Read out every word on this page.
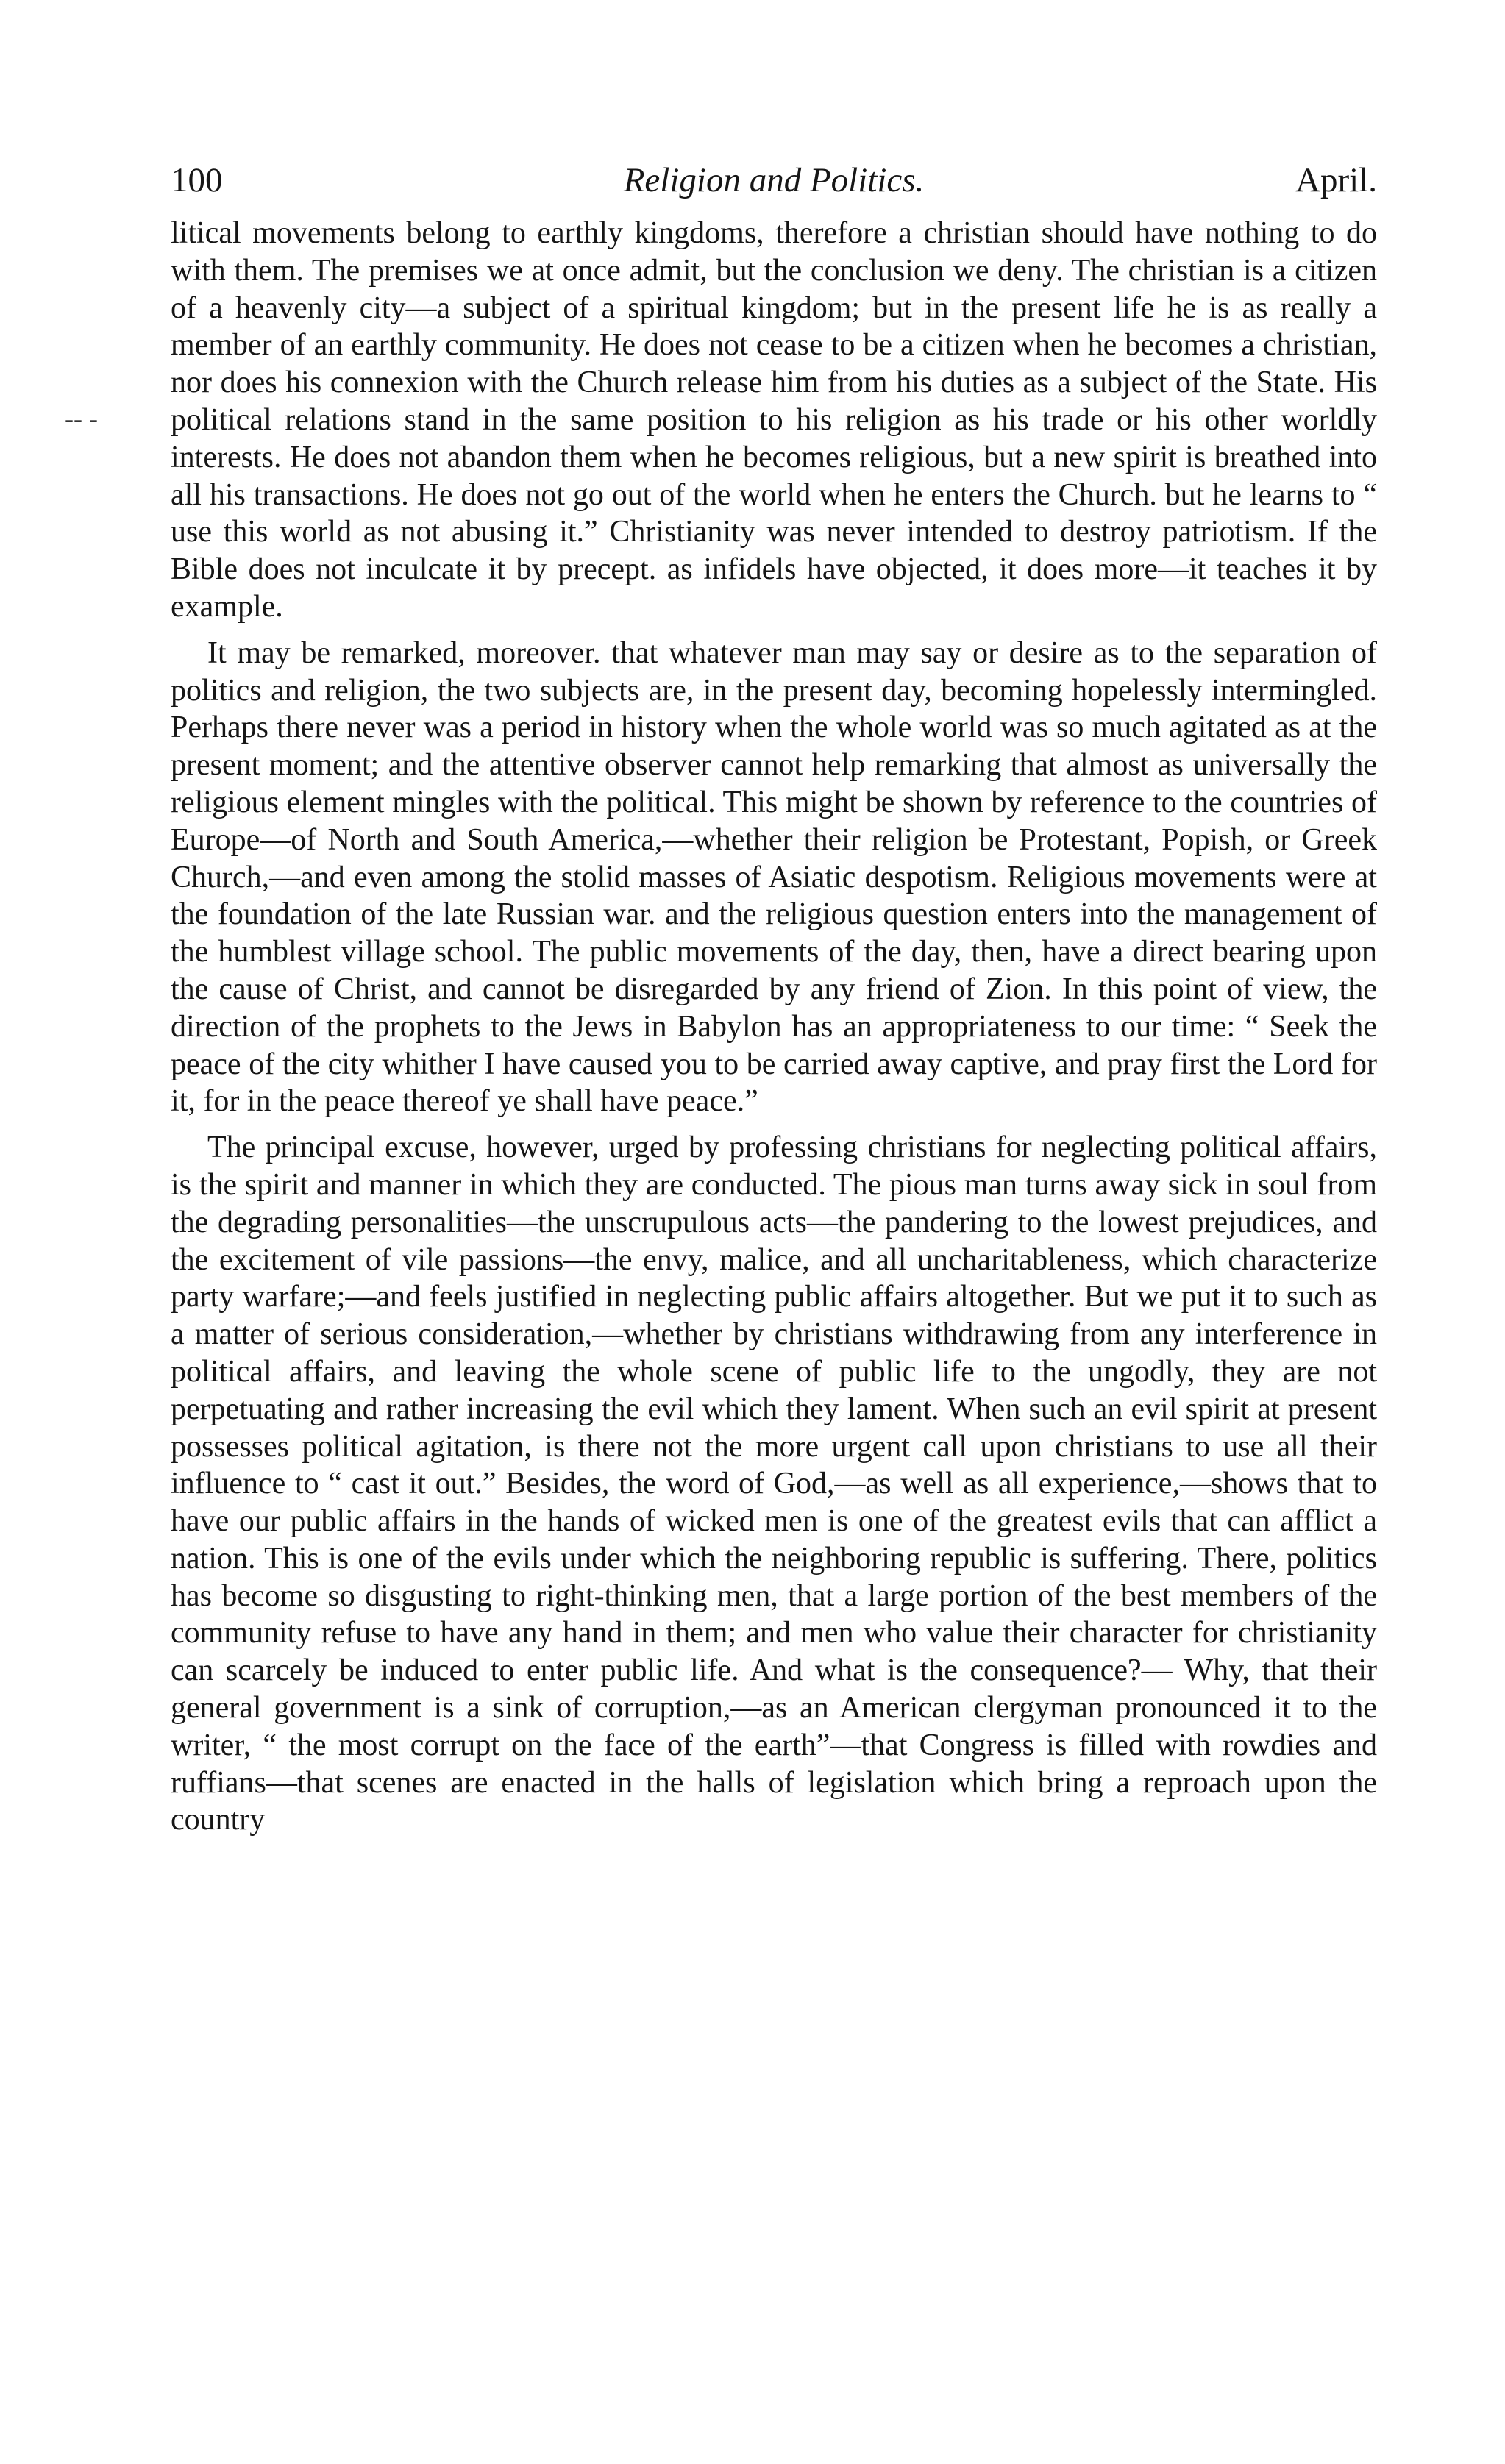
100	Religion and Politics.	April.
-- -

litical movements belong to earthly kingdoms, therefore a christian should have nothing to do with them. The premises we at once admit, but the conclusion we deny. The christian is a citizen of a heavenly city—a subject of a spiritual kingdom; but in the present life he is as really a member of an earthly community. He does not cease to be a citizen when he becomes a christian, nor does his connexion with the Church release him from his duties as a subject of the State. His political relations stand in the same position to his religion as his trade or his other worldly interests. He does not abandon them when he becomes religious, but a new spirit is breathed into all his transactions. He does not go out of the world when he enters the Church. but he learns to “ use this world as not abusing it.” Christianity was never intended to destroy patriotism. If the Bible does not inculcate it by precept. as infidels have objected, it does more—it teaches it by example.

It may be remarked, moreover. that whatever man may say or desire as to the separation of politics and religion, the two subjects are, in the present day, becoming hopelessly intermingled. Perhaps there never was a period in history when the whole world was so much agitated as at the present moment; and the attentive observer cannot help remarking that almost as universally the religious element mingles with the political. This might be shown by reference to the countries of Europe—of North and South America,—whether their religion be Protestant, Popish, or Greek Church,—and even among the stolid masses of Asiatic despotism. Religious movements were at the foundation of the late Russian war. and the religious question enters into the management of the humblest village school. The public movements of the day, then, have a direct bearing upon the cause of Christ, and cannot be disregarded by any friend of Zion. In this point of view, the direction of the prophets to the Jews in Babylon has an appropriateness to our time: “ Seek the peace of the city whither I have caused you to be carried away captive, and pray first the Lord for it, for in the peace thereof ye shall have peace.”

The principal excuse, however, urged by professing christians for neglecting political affairs, is the spirit and manner in which they are conducted. The pious man turns away sick in soul from the degrading personalities—the unscrupulous acts—the pandering to the lowest prejudices, and the excitement of vile passions—the envy, malice, and all uncharitableness, which characterize party warfare;—and feels justified in neglecting public affairs altogether. But we put it to such as a matter of serious consideration,—whether by christians withdrawing from any interference in political affairs, and leaving the whole scene of public life to the ungodly, they are not perpetuating and rather increasing the evil which they lament. When such an evil spirit at present possesses political agitation, is there not the more urgent call upon christians to use all their influence to “ cast it out.” Besides, the word of God,—as well as all experience,—shows that to have our public affairs in the hands of wicked men is one of the greatest evils that can afflict a nation. This is one of the evils under which the neighboring republic is suffering. There, politics has become so disgusting to right-thinking men, that a large portion of the best members of the community refuse to have any hand in them; and men who value their character for christianity can scarcely be induced to enter public life. And what is the consequence?— Why, that their general government is a sink of corruption,—as an American clergyman pronounced it to the writer, “ the most corrupt on the face of the earth”—that Congress is filled with rowdies and ruffians—that scenes are enacted in the halls of legislation which bring a reproach upon the country
